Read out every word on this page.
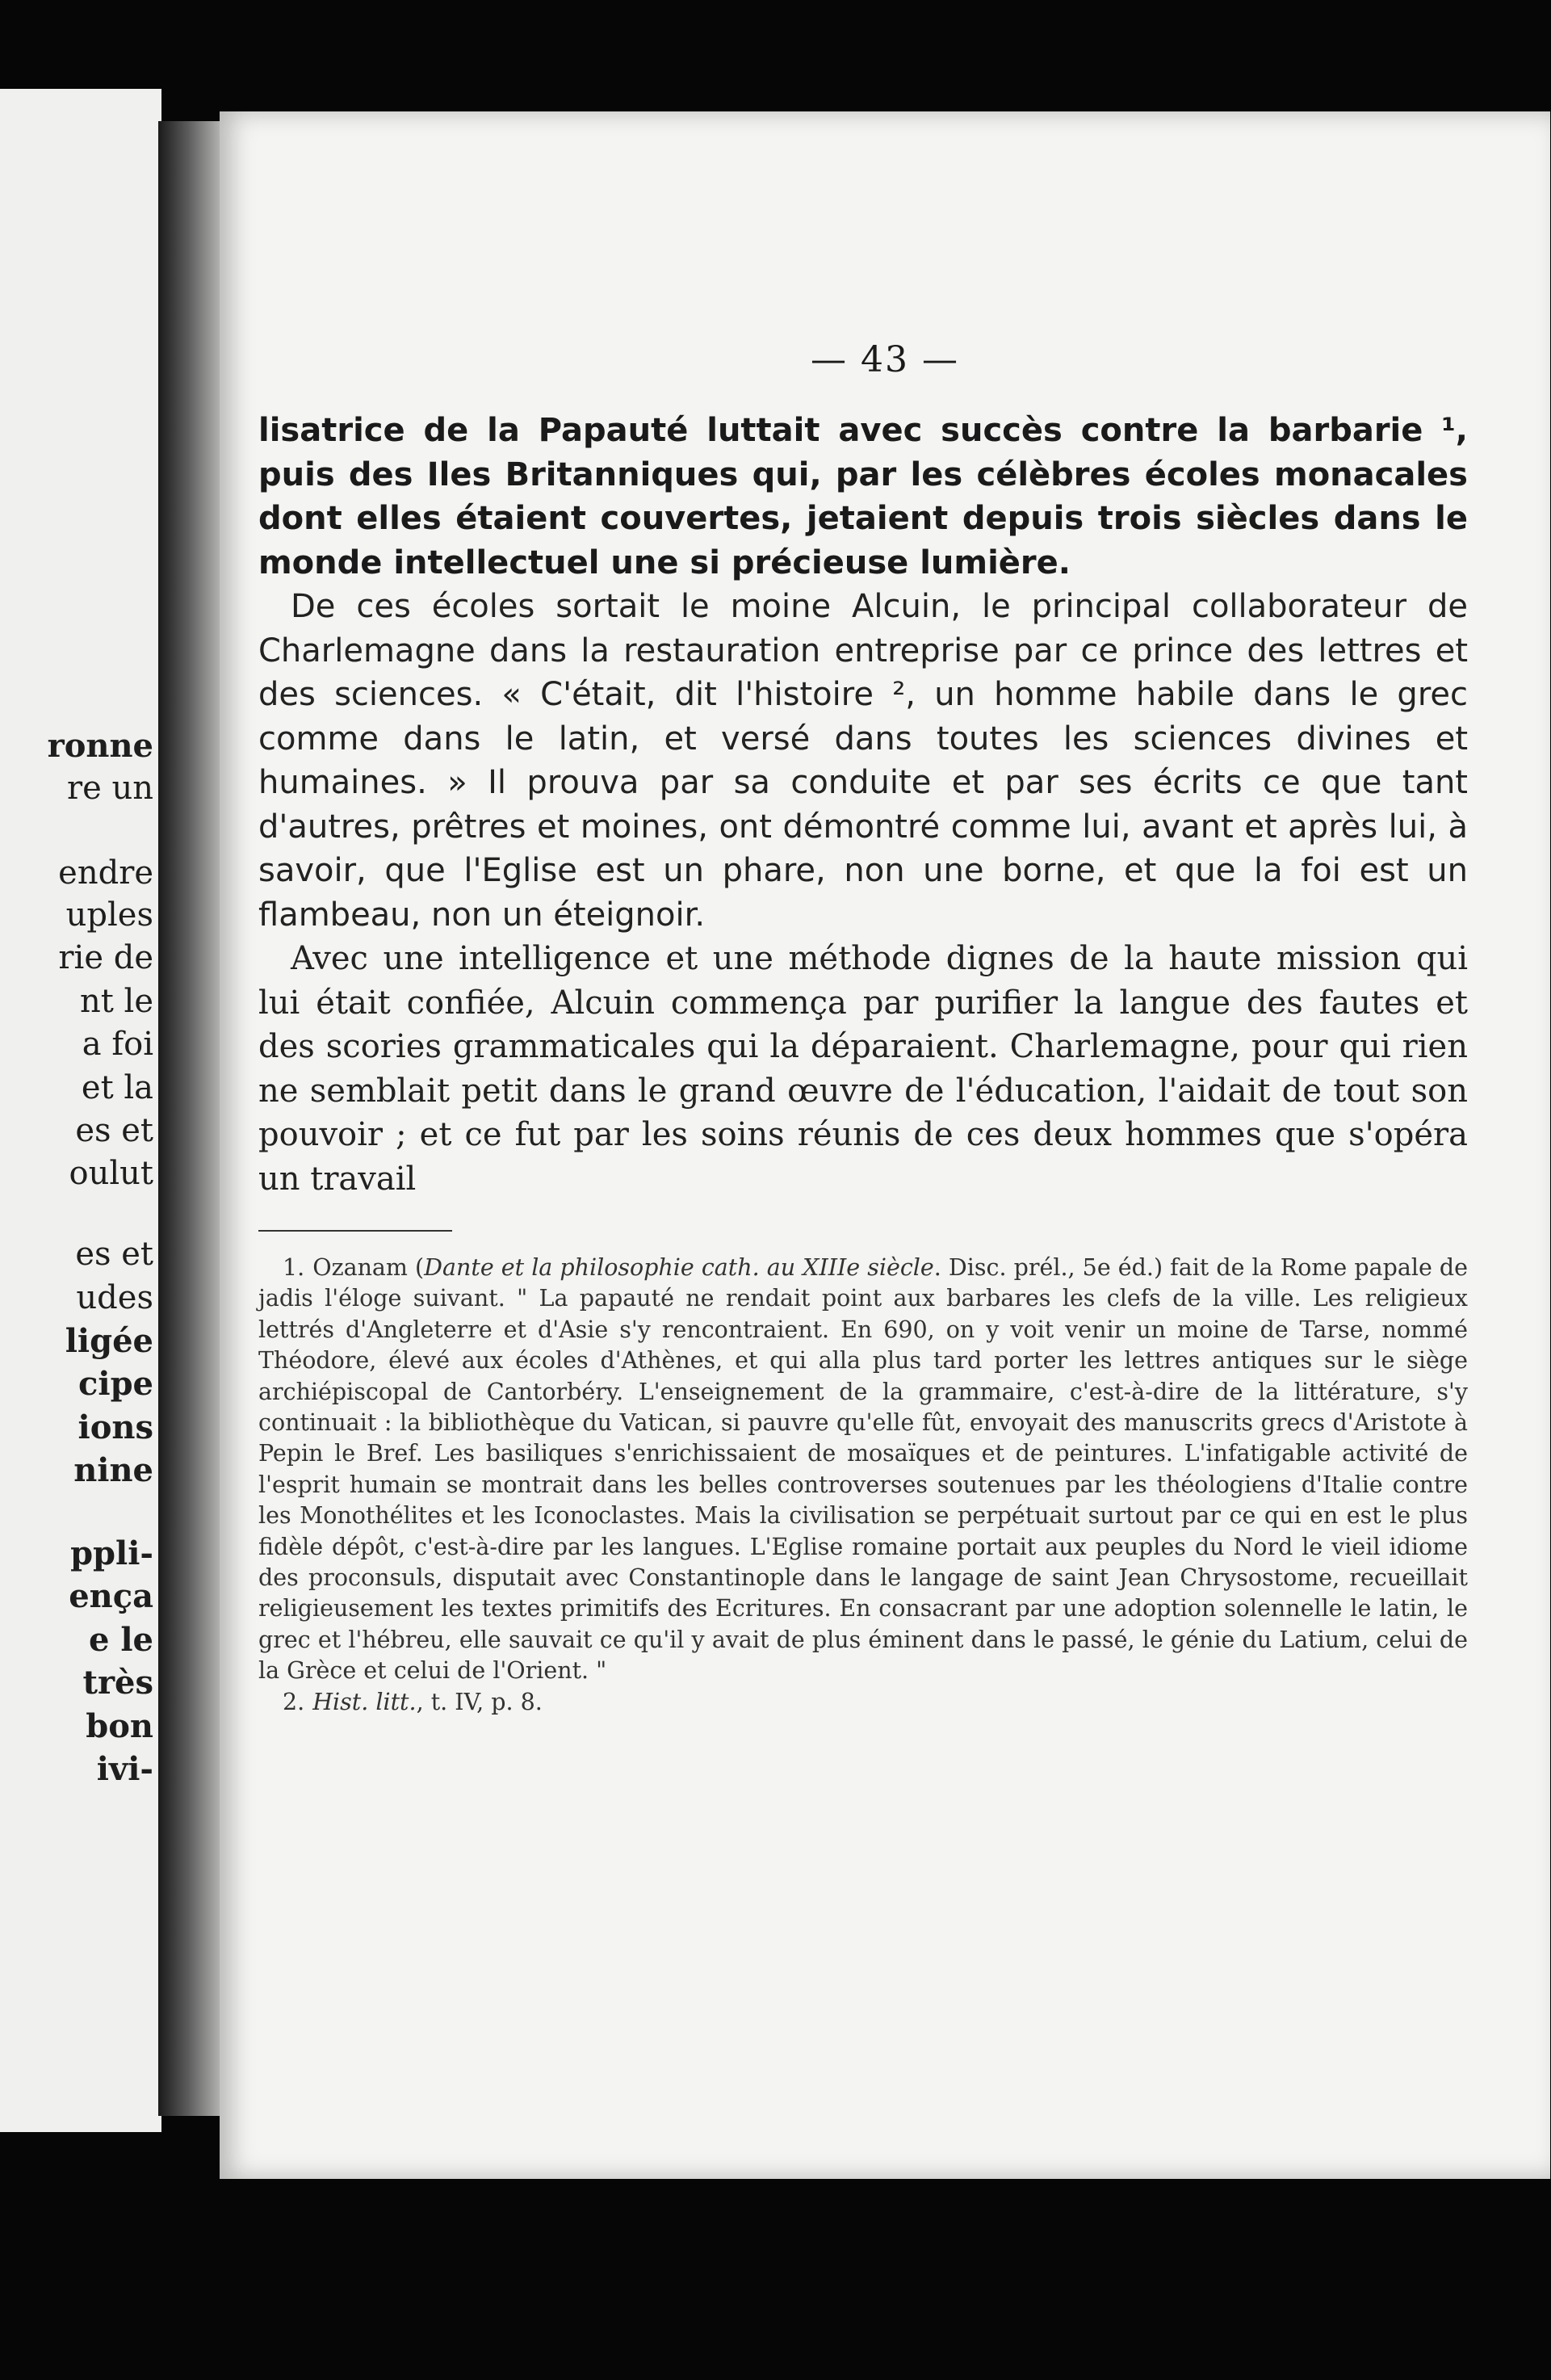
ronne
re un
endre
uples
rie de
nt le
a foi
et la
es et
oulut
es et
udes
ligée
cipe
ions
nine
ppli-
ença
e le
très
bon
ivi-
— 43 —

lisatrice de la Papauté luttait avec succès contre la barbarie ¹, puis des Iles Britanniques qui, par les célèbres écoles monacales dont elles étaient couvertes, jetaient depuis trois siècles dans le monde intellectuel une si précieuse lumière.

De ces écoles sortait le moine Alcuin, le principal collaborateur de Charlemagne dans la restauration entreprise par ce prince des lettres et des sciences. « C'était, dit l'histoire ², un homme habile dans le grec comme dans le latin, et versé dans toutes les sciences divines et humaines. » Il prouva par sa conduite et par ses écrits ce que tant d'autres, prêtres et moines, ont démontré comme lui, avant et après lui, à savoir, que l'Eglise est un phare, non une borne, et que la foi est un flambeau, non un éteignoir.

Avec une intelligence et une méthode dignes de la haute mission qui lui était confiée, Alcuin commença par purifier la langue des fautes et des scories grammaticales qui la déparaient. Charlemagne, pour qui rien ne semblait petit dans le grand œuvre de l'éducation, l'aidait de tout son pouvoir ; et ce fut par les soins réunis de ces deux hommes que s'opéra un travail

1. Ozanam (Dante et la philosophie cath. au XIIIe siècle. Disc. prél., 5e éd.) fait de la Rome papale de jadis l'éloge suivant. " La papauté ne rendait point aux barbares les clefs de la ville. Les religieux lettrés d'Angleterre et d'Asie s'y rencontraient. En 690, on y voit venir un moine de Tarse, nommé Théodore, élevé aux écoles d'Athènes, et qui alla plus tard porter les lettres antiques sur le siège archiépiscopal de Cantorbéry. L'enseignement de la grammaire, c'est-à-dire de la littérature, s'y continuait : la bibliothèque du Vatican, si pauvre qu'elle fût, envoyait des manuscrits grecs d'Aristote à Pepin le Bref. Les basiliques s'enrichissaient de mosaïques et de peintures. L'infatigable activité de l'esprit humain se montrait dans les belles controverses soutenues par les théologiens d'Italie contre les Monothélites et les Iconoclastes. Mais la civilisation se perpétuait surtout par ce qui en est le plus fidèle dépôt, c'est-à-dire par les langues. L'Eglise romaine portait aux peuples du Nord le vieil idiome des proconsuls, disputait avec Constantinople dans le langage de saint Jean Chrysostome, recueillait religieusement les textes primitifs des Ecritures. En consacrant par une adoption solennelle le latin, le grec et l'hébreu, elle sauvait ce qu'il y avait de plus éminent dans le passé, le génie du Latium, celui de la Grèce et celui de l'Orient. "

2. Hist. litt., t. IV, p. 8.
